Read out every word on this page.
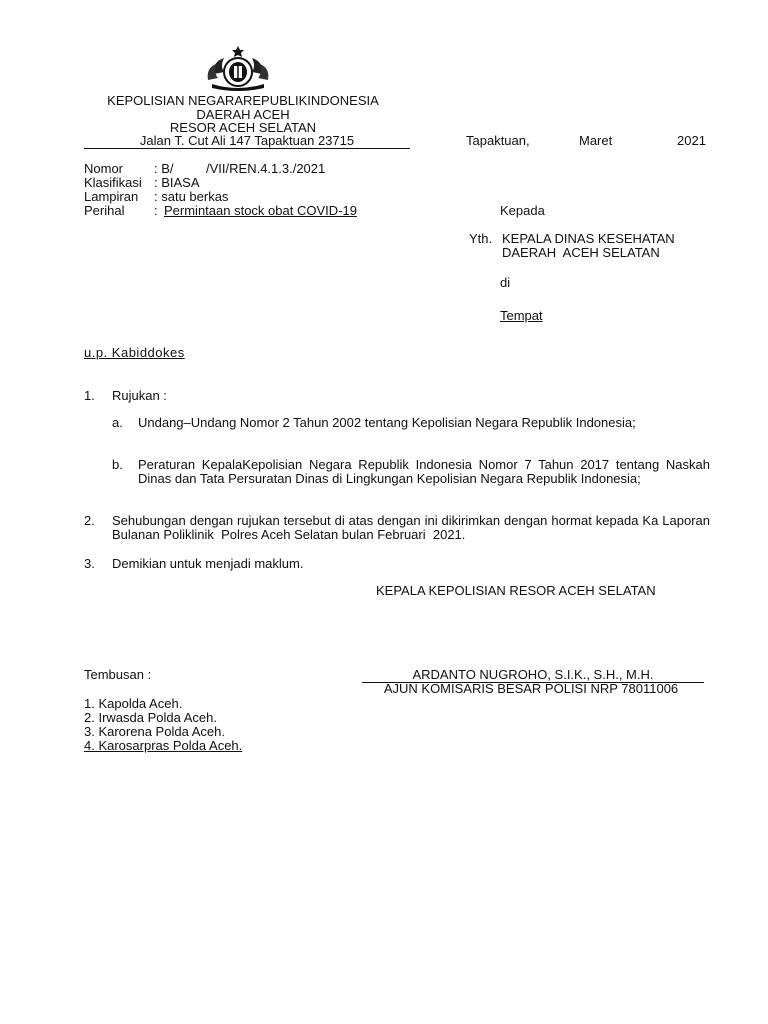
KEPOLISIAN NEGARAREPUBLIKINDONESIA
DAERAH ACEH
RESOR ACEH SELATAN
Jalan T. Cut Ali 147 Tapaktuan 23715	Tapaktuan,	Maret	2021
Nomor : B/         /VII/REN.4.1.3./2021
Klasifikasi : BIASA
Lampiran : satu berkas
Perihal : Permintaan stock obat COVID-19	Kepada
Yth. KEPALA DINAS KESEHATAN
DAERAH  ACEH SELATAN
di
Tempat
u.p. Kabiddokes
1. Rujukan :
a. Undang–Undang Nomor 2 Tahun 2002 tentang Kepolisian Negara Republik Indonesia;
b. Peraturan KepalaKepolisian Negara Republik Indonesia Nomor 7 Tahun 2017 tentang Naskah Dinas dan Tata Persuratan Dinas di Lingkungan Kepolisian Negara Republik Indonesia;
2. Sehubungan dengan rujukan tersebut di atas dengan ini dikirimkan dengan hormat kepada Ka Laporan Bulanan Poliklinik  Polres Aceh Selatan bulan Februari  2021.
3. Demikian untuk menjadi maklum.
KEPALA KEPOLISIAN RESOR ACEH SELATAN
ARDANTO NUGROHO, S.I.K., S.H., M.H.
AJUN KOMISARIS BESAR POLISI NRP 78011006
Tembusan :
1. Kapolda Aceh.
2. Irwasda Polda Aceh.
3. Karorena Polda Aceh.
4. Karosarpras Polda Aceh.
